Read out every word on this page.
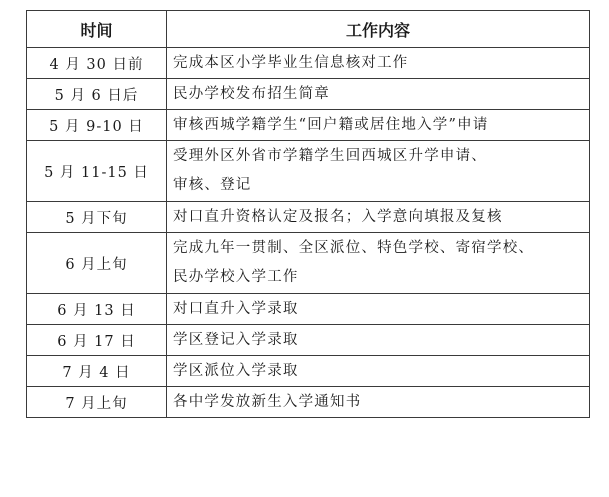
时间	工作内容
4 月 30 日前	完成本区小学毕业生信息核对工作
5 月 6 日后	民办学校发布招生简章
5 月 9-10 日	审核西城学籍学生“回户籍或居住地入学”申请
5 月 11-15 日	受理外区外省市学籍学生回西城区升学申请、
审核、登记
5 月下旬	对口直升资格认定及报名；入学意向填报及复核
6 月上旬	完成九年一贯制、全区派位、特色学校、寄宿学校、
民办学校入学工作
6 月 13 日	对口直升入学录取
6 月 17 日	学区登记入学录取
7 月 4 日	学区派位入学录取
7 月上旬	各中学发放新生入学通知书
